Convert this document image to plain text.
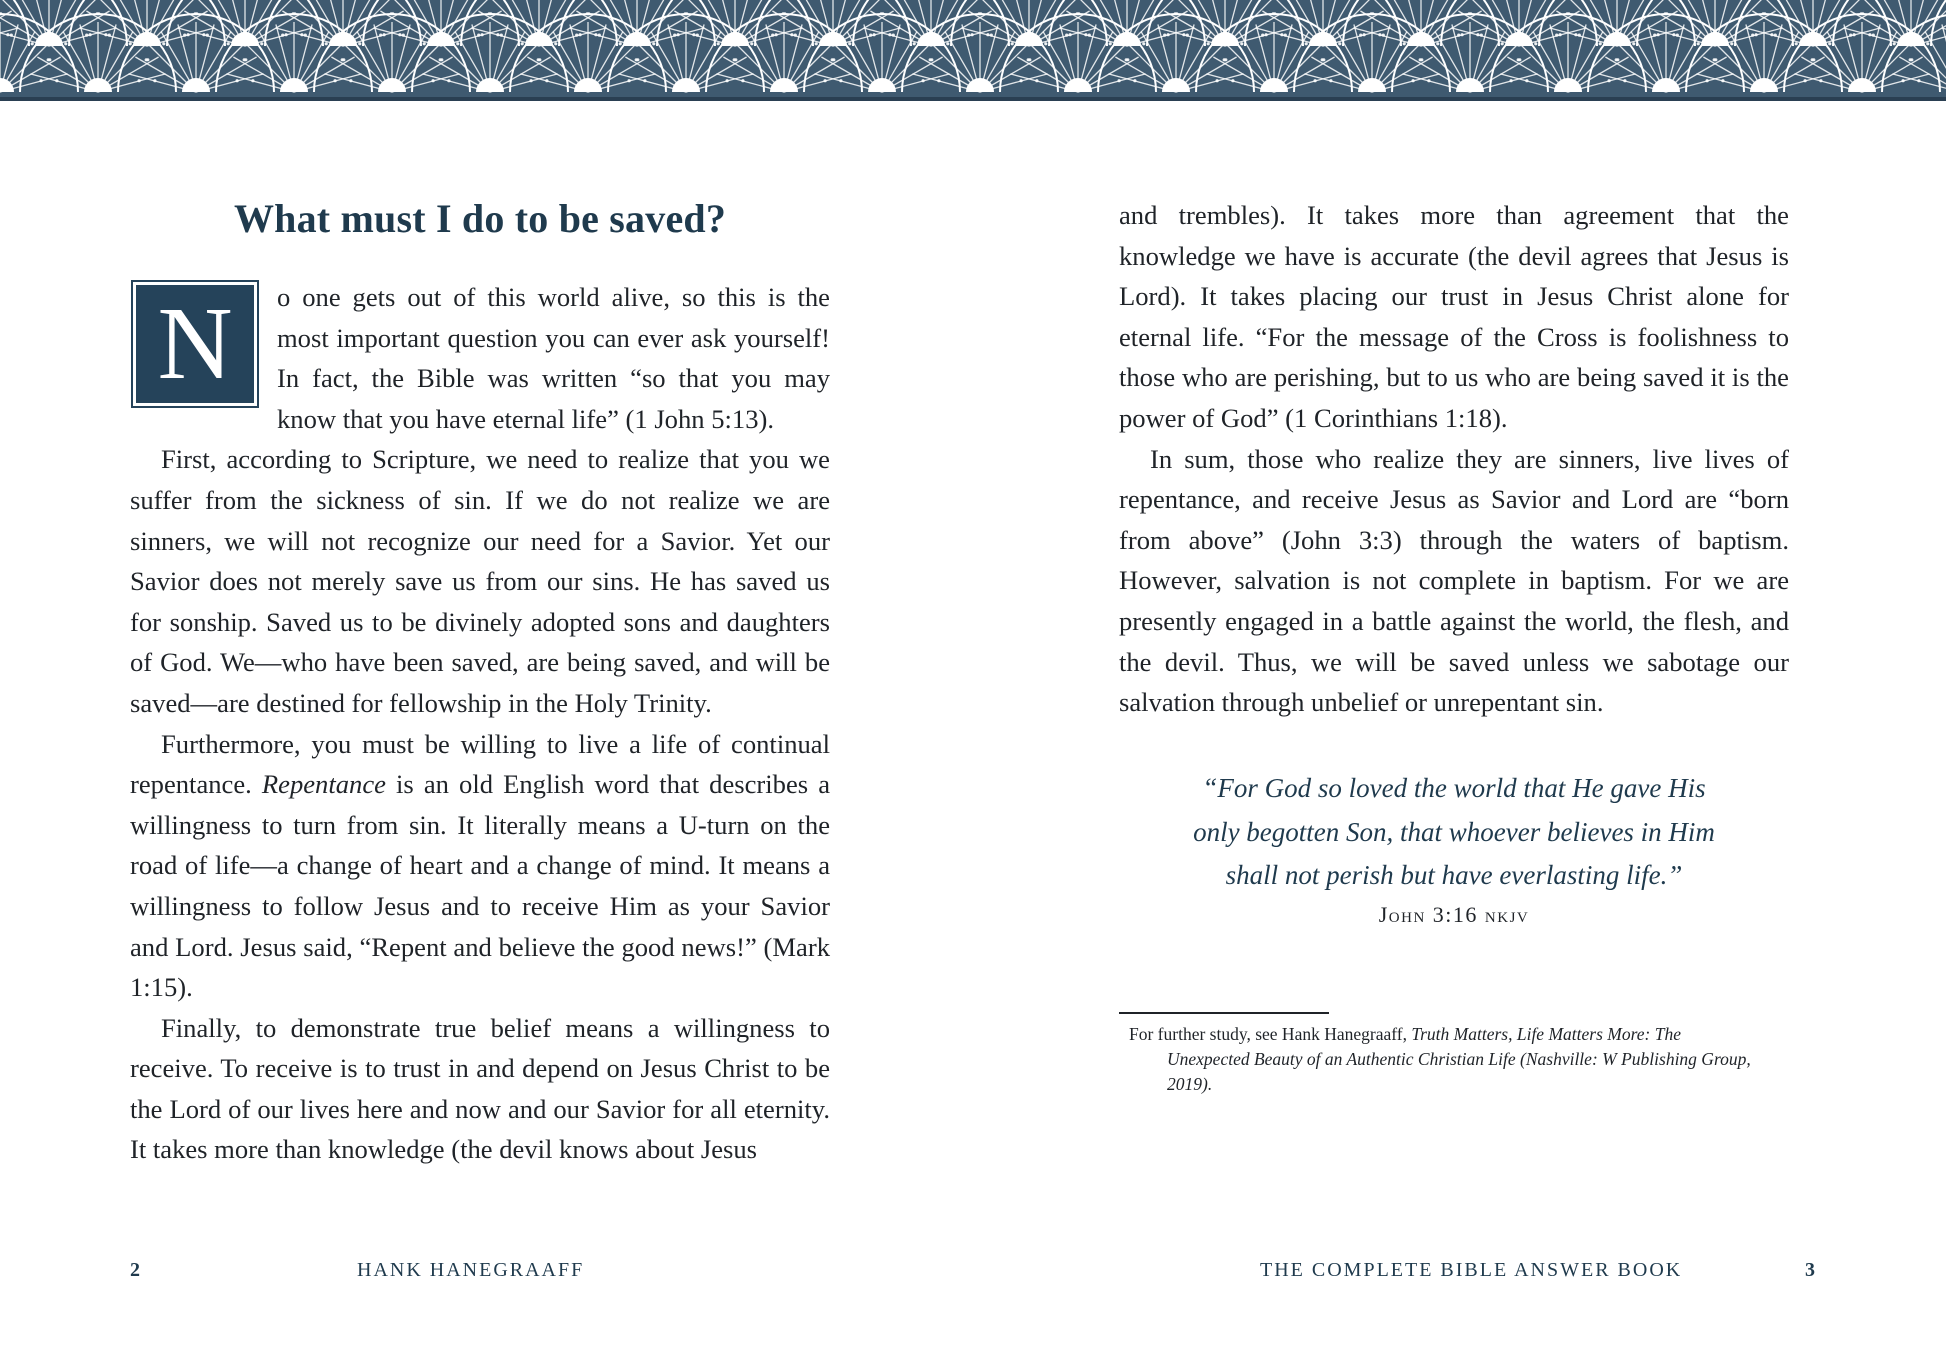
What must I do to be saved?

N	o one gets out of this world alive, so this is the most important question you can ever ask yourself! In fact, the Bible was written “so that you may know that you have eternal life” (1 John 5:13).

First, according to Scripture, we need to realize that you we suffer from the sickness of sin. If we do not realize we are sinners, we will not recognize our need for a Savior. Yet our Savior does not merely save us from our sins. He has saved us for sonship. Saved us to be divinely adopted sons and daughters of God. We—who have been saved, are being saved, and will be saved—are destined for fellowship in the Holy Trinity.

Furthermore, you must be willing to live a life of continual repentance. Repentance is an old English word that describes a willingness to turn from sin. It literally means a U-turn on the road of life—a change of heart and a change of mind. It means a willingness to follow Jesus and to receive Him as your Savior and Lord. Jesus said, “Repent and believe the good news!” (Mark 1:15).

Finally, to demonstrate true belief means a willingness to receive. To receive is to trust in and depend on Jesus Christ to be the Lord of our lives here and now and our Savior for all eternity. It takes more than knowledge (the devil knows about Jesus

2	HANK HANEGRAAFF

and trembles). It takes more than agreement that the knowledge we have is accurate (the devil agrees that Jesus is Lord). It takes placing our trust in Jesus Christ alone for eternal life. “For the message of the Cross is foolishness to those who are perishing, but to us who are being saved it is the power of God” (1 Corinthians 1:18).

In sum, those who realize they are sinners, live lives of repentance, and receive Jesus as Savior and Lord are “born from above” (John 3:3) through the waters of baptism. However, salvation is not complete in baptism. For we are presently engaged in a battle against the world, the flesh, and the devil. Thus, we will be saved unless we sabotage our salvation through unbelief or unrepentant sin.

“For God so loved the world that He gave His
only begotten Son, that whoever believes in Him
shall not perish but have everlasting life.”
John 3:16 nkjv
For further study, see Hank Hanegraaff, Truth Matters, Life Matters More: The
Unexpected Beauty of an Authentic Christian Life (Nashville: W Publishing Group, 2019).
THE COMPLETE BIBLE ANSWER BOOK	3
